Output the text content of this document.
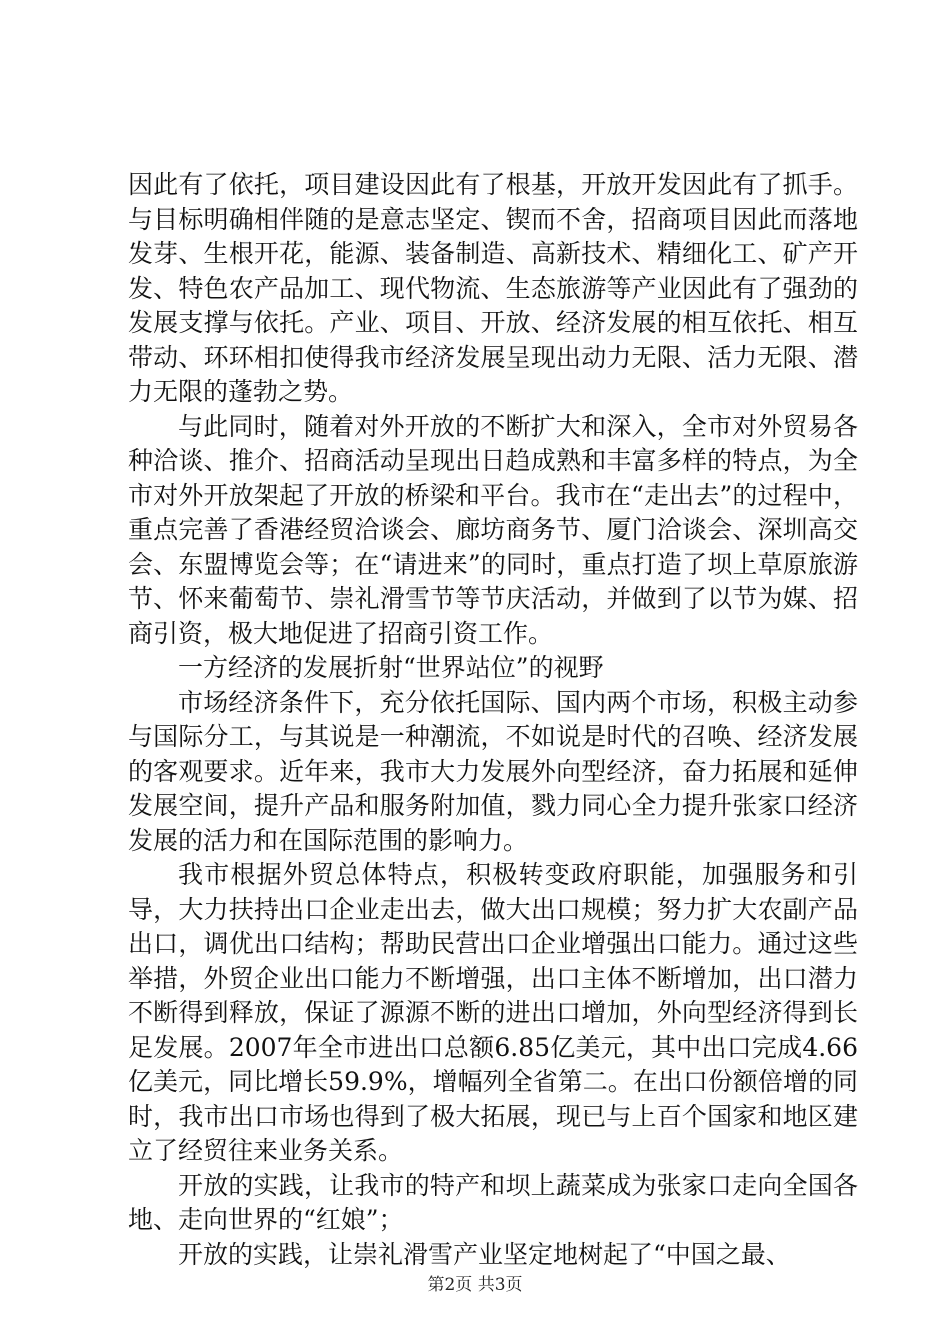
因此有了依托，项目建设因此有了根基，开放开发因此有了抓手。与目标明确相伴随的是意志坚定、锲而不舍，招商项目因此而落地发芽、生根开花，能源、装备制造、高新技术、精细化工、矿产开发、特色农产品加工、现代物流、生态旅游等产业因此有了强劲的发展支撑与依托。产业、项目、开放、经济发展的相互依托、相互带动、环环相扣使得我市经济发展呈现出动力无限、活力无限、潜力无限的蓬勃之势。

与此同时，随着对外开放的不断扩大和深入，全市对外贸易各种洽谈、推介、招商活动呈现出日趋成熟和丰富多样的特点，为全市对外开放架起了开放的桥梁和平台。我市在“走出去”的过程中，重点完善了香港经贸洽谈会、廊坊商务节、厦门洽谈会、深圳高交会、东盟博览会等；在“请进来”的同时，重点打造了坝上草原旅游节、怀来葡萄节、崇礼滑雪节等节庆活动，并做到了以节为媒、招商引资，极大地促进了招商引资工作。

一方经济的发展折射“世界站位”的视野

市场经济条件下，充分依托国际、国内两个市场，积极主动参与国际分工，与其说是一种潮流，不如说是时代的召唤、经济发展的客观要求。近年来，我市大力发展外向型经济，奋力拓展和延伸发展空间，提升产品和服务附加值，戮力同心全力提升张家口经济发展的活力和在国际范围的影响力。

我市根据外贸总体特点，积极转变政府职能，加强服务和引导，大力扶持出口企业走出去，做大出口规模；努力扩大农副产品出口，调优出口结构；帮助民营出口企业增强出口能力。通过这些举措，外贸企业出口能力不断增强，出口主体不断增加，出口潜力不断得到释放，保证了源源不断的进出口增加，外向型经济得到长足发展。2007年全市进出口总额6.85亿美元，其中出口完成4.66亿美元，同比增长59.9%，增幅列全省第二。在出口份额倍增的同时，我市出口市场也得到了极大拓展，现已与上百个国家和地区建立了经贸往来业务关系。

开放的实践，让我市的特产和坝上蔬菜成为张家口走向全国各地、走向世界的“红娘”；

开放的实践，让崇礼滑雪产业坚定地树起了“中国之最、

第2页 共3页
